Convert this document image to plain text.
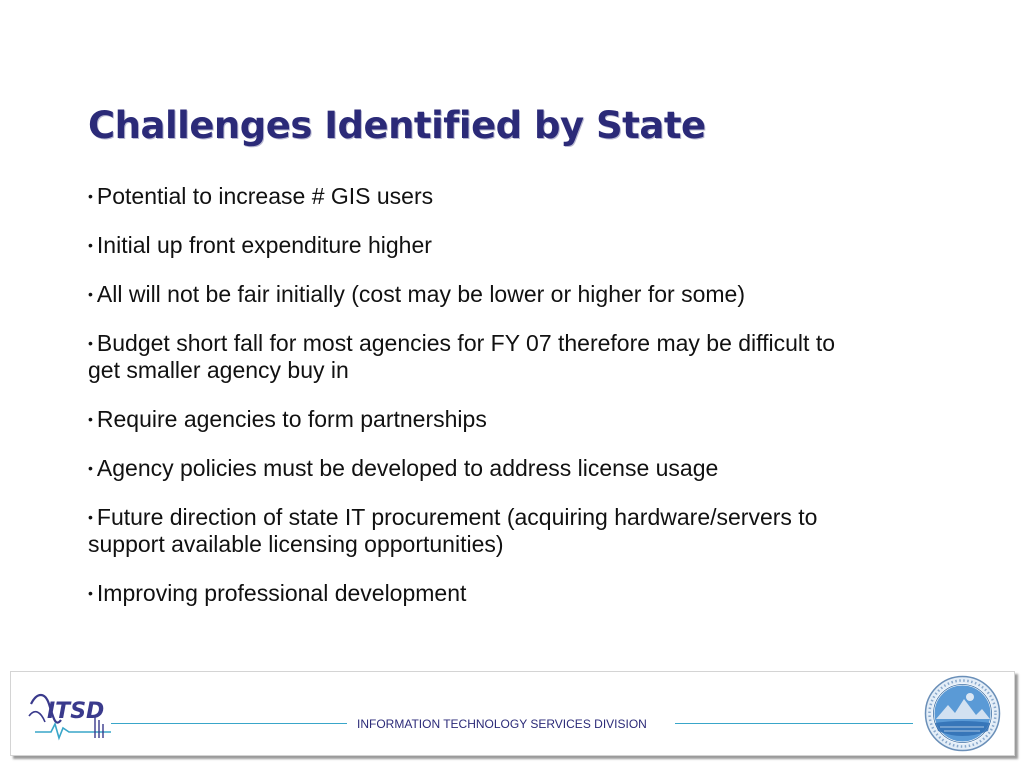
Challenges Identified by State
• Potential to increase # GIS users
• Initial up front expenditure higher
• All will not be fair initially (cost may be lower or higher for some)
• Budget short fall for most agencies for FY 07 therefore may be difficult to get smaller agency buy in
• Require agencies to form partnerships
• Agency policies must be developed to address license usage
• Future direction of state IT procurement (acquiring hardware/servers to support available licensing opportunities)
• Improving professional development
ITSD	INFORMATION TECHNOLOGY SERVICES DIVISION
